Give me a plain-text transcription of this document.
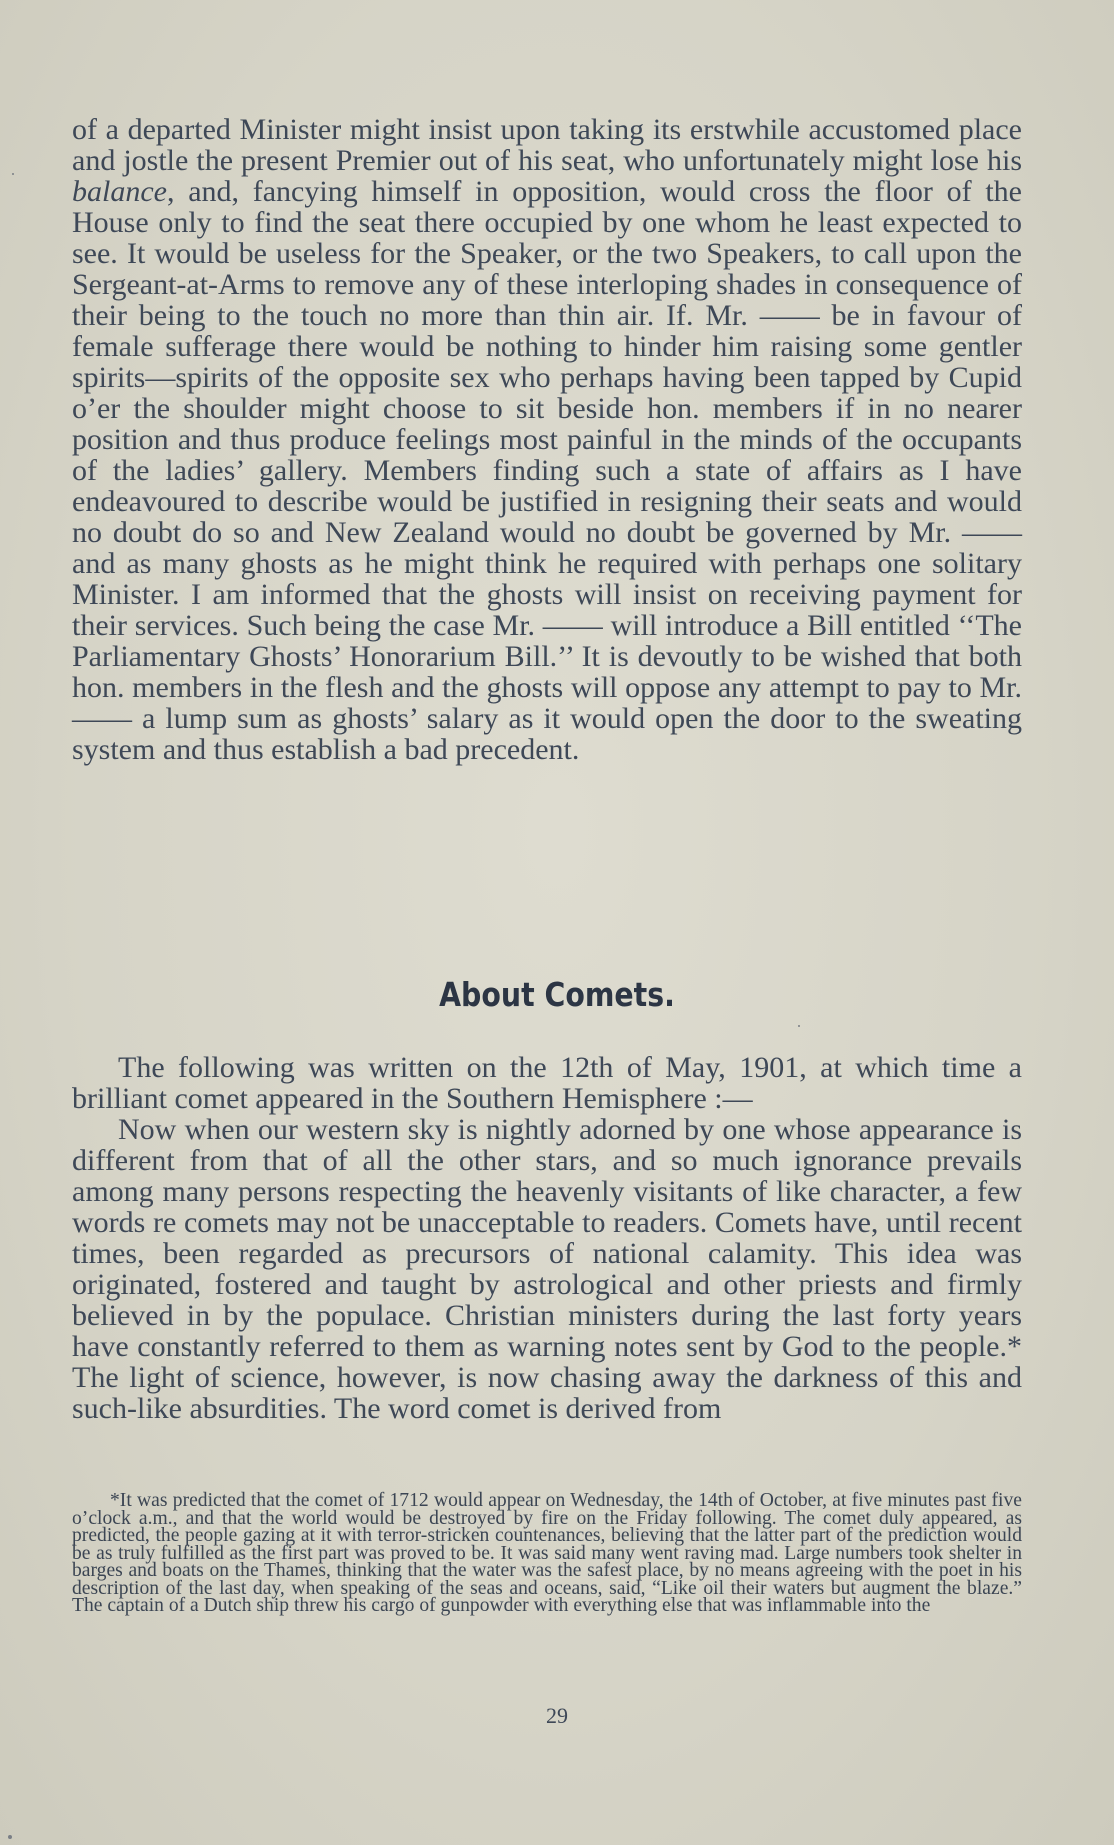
of a departed Minister might insist upon taking its erstwhile accustomed place and jostle the present Premier out of his seat, who unfortunately might lose his balance, and, fancying himself in opposition, would cross the floor of the House only to find the seat there occupied by one whom he least expected to see. It would be useless for the Speaker, or the two Speakers, to call upon the Sergeant-at-Arms to remove any of these interloping shades in consequence of their being to the touch no more than thin air. If. Mr. —— be in favour of female sufferage there would be nothing to hinder him raising some gentler spirits—spirits of the opposite sex who perhaps having been tapped by Cupid o’er the shoulder might choose to sit beside hon. members if in no nearer position and thus produce feelings most painful in the minds of the occupants of the ladies’ gallery. Members finding such a state of affairs as I have endeavoured to describe would be justified in resigning their seats and would no doubt do so and New Zealand would no doubt be governed by Mr. —— and as many ghosts as he might think he required with perhaps one solitary Minister. I am informed that the ghosts will insist on receiving payment for their services. Such being the case Mr. —— will introduce a Bill entitled ‘‘The Parliamentary Ghosts’ Honorarium Bill.’’ It is devoutly to be wished that both hon. members in the flesh and the ghosts will oppose any attempt to pay to Mr. —— a lump sum as ghosts’ salary as it would open the door to the sweating system and thus establish a bad precedent.

About Comets.

The following was written on the 12th of May, 1901, at which time a brilliant comet appeared in the Southern Hemisphere :—

Now when our western sky is nightly adorned by one whose appearance is different from that of all the other stars, and so much ignorance prevails among many persons respecting the heavenly visitants of like character, a few words re comets may not be unacceptable to readers. Comets have, until recent times, been regarded as precursors of national calamity. This idea was originated, fostered and taught by astrological and other priests and firmly believed in by the populace. Christian ministers during the last forty years have constantly referred to them as warning notes sent by God to the people.* The light of science, however, is now chasing away the darkness of this and such-like absurdities. The word comet is derived from

*It was predicted that the comet of 1712 would appear on Wednesday, the 14th of October, at five minutes past five o’clock a.m., and that the world would be destroyed by fire on the Friday following. The comet duly appeared, as predicted, the people gazing at it with terror-stricken countenances, believing that the latter part of the prediction would be as truly fulfilled as the first part was proved to be. It was said many went raving mad. Large numbers took shelter in barges and boats on the Thames, thinking that the water was the safest place, by no means agreeing with the poet in his description of the last day, when speaking of the seas and oceans, said, “Like oil their waters but augment the blaze.” The captain of a Dutch ship threw his cargo of gunpowder with everything else that was inflammable into the

29
